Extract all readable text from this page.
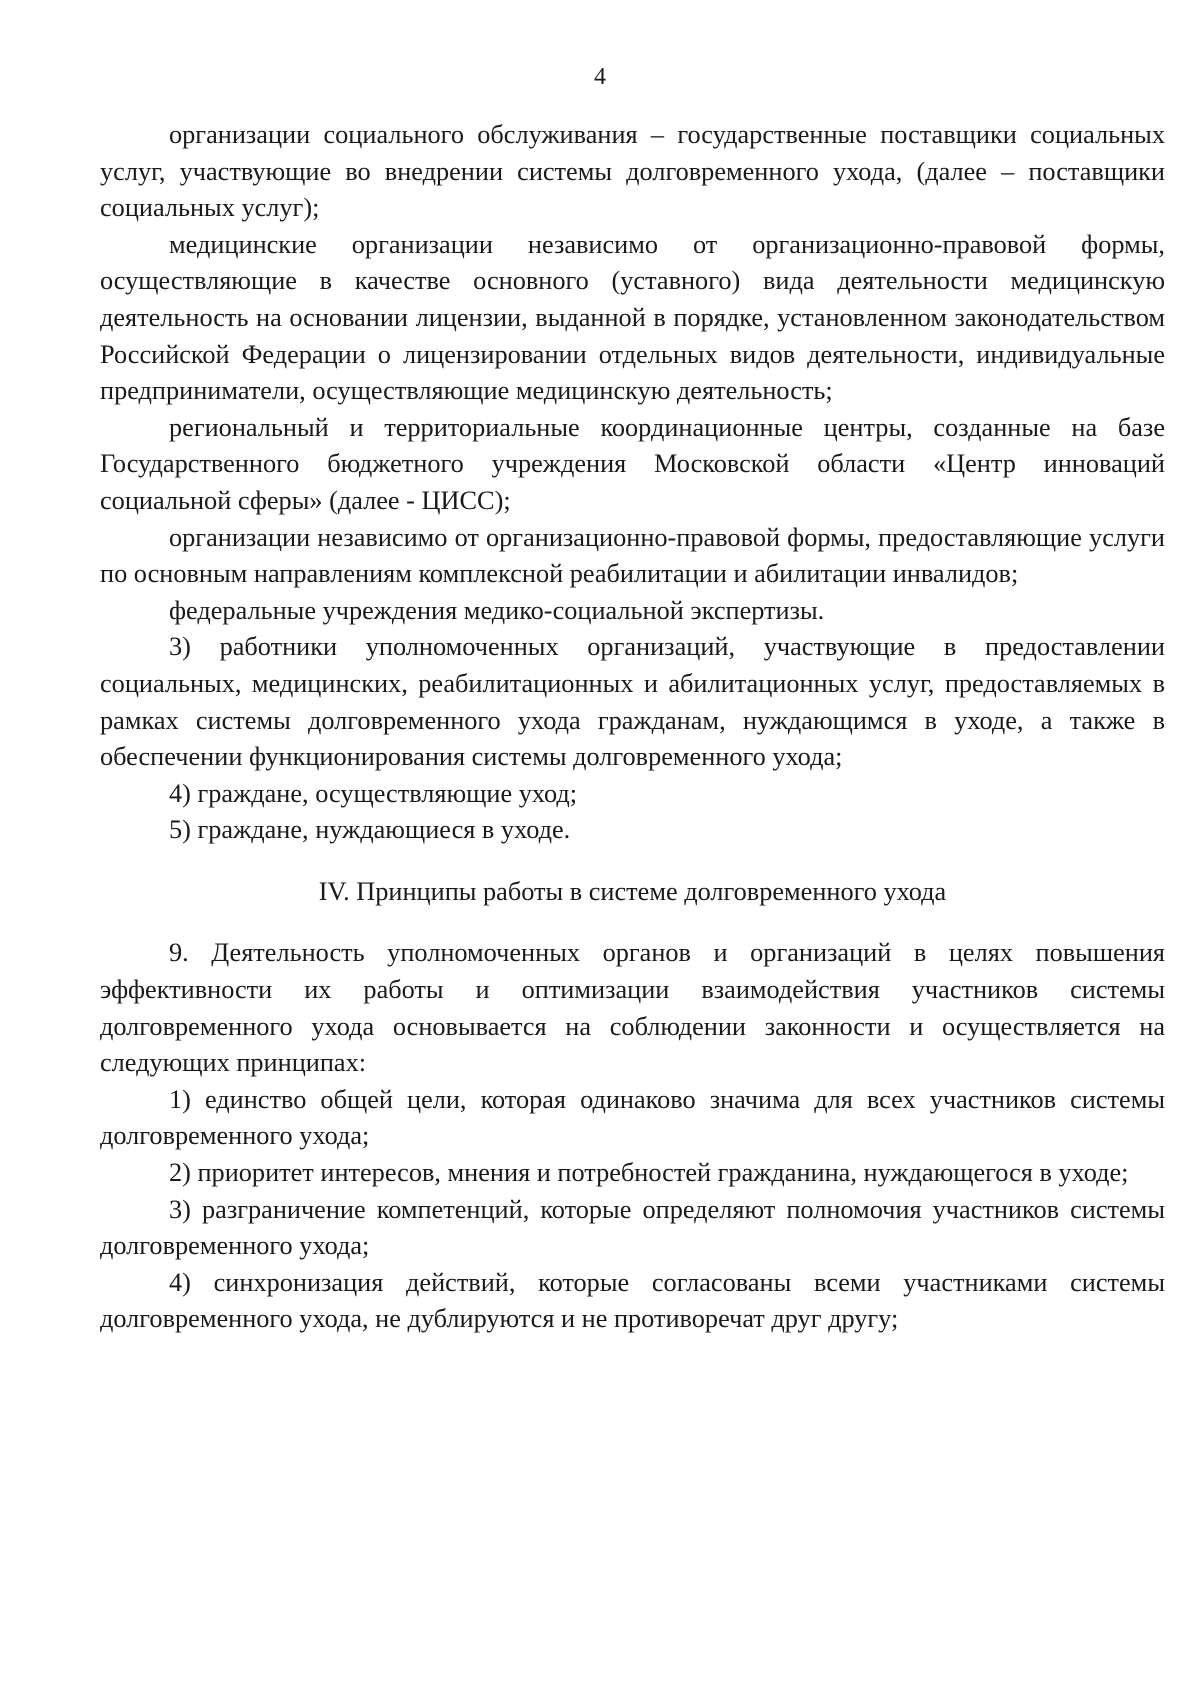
4

организации социального обслуживания – государственные поставщики социальных услуг, участвующие во внедрении системы долговременного ухода, (далее – поставщики социальных услуг);

медицинские организации независимо от организационно-правовой формы, осуществляющие в качестве основного (уставного) вида деятельности медицинскую деятельность на основании лицензии, выданной в порядке, установленном законодательством Российской Федерации о лицензировании отдельных видов деятельности, индивидуальные предприниматели, осуществляющие медицинскую деятельность;

региональный и территориальные координационные центры, созданные на базе Государственного бюджетного учреждения Московской области «Центр инноваций социальной сферы» (далее - ЦИСС);

организации независимо от организационно-правовой формы, предоставляющие услуги по основным направлениям комплексной реабилитации и абилитации инвалидов;

федеральные учреждения медико-социальной экспертизы.

3) работники уполномоченных организаций, участвующие в предоставлении социальных, медицинских, реабилитационных и абилитационных услуг, предоставляемых в рамках системы долговременного ухода гражданам, нуждающимся в уходе, а также в обеспечении функционирования системы долговременного ухода;

4) граждане, осуществляющие уход;

5) граждане, нуждающиеся в уходе.

IV. Принципы работы в системе долговременного ухода

9. Деятельность уполномоченных органов и организаций в целях повышения эффективности их работы и оптимизации взаимодействия участников системы долговременного ухода основывается на соблюдении законности и осуществляется на следующих принципах:

1) единство общей цели, которая одинаково значима для всех участников системы долговременного ухода;

2) приоритет интересов, мнения и потребностей гражданина, нуждающегося в уходе;

3) разграничение компетенций, которые определяют полномочия участников системы долговременного ухода;

4) синхронизация действий, которые согласованы всеми участниками системы долговременного ухода, не дублируются и не противоречат друг другу;
